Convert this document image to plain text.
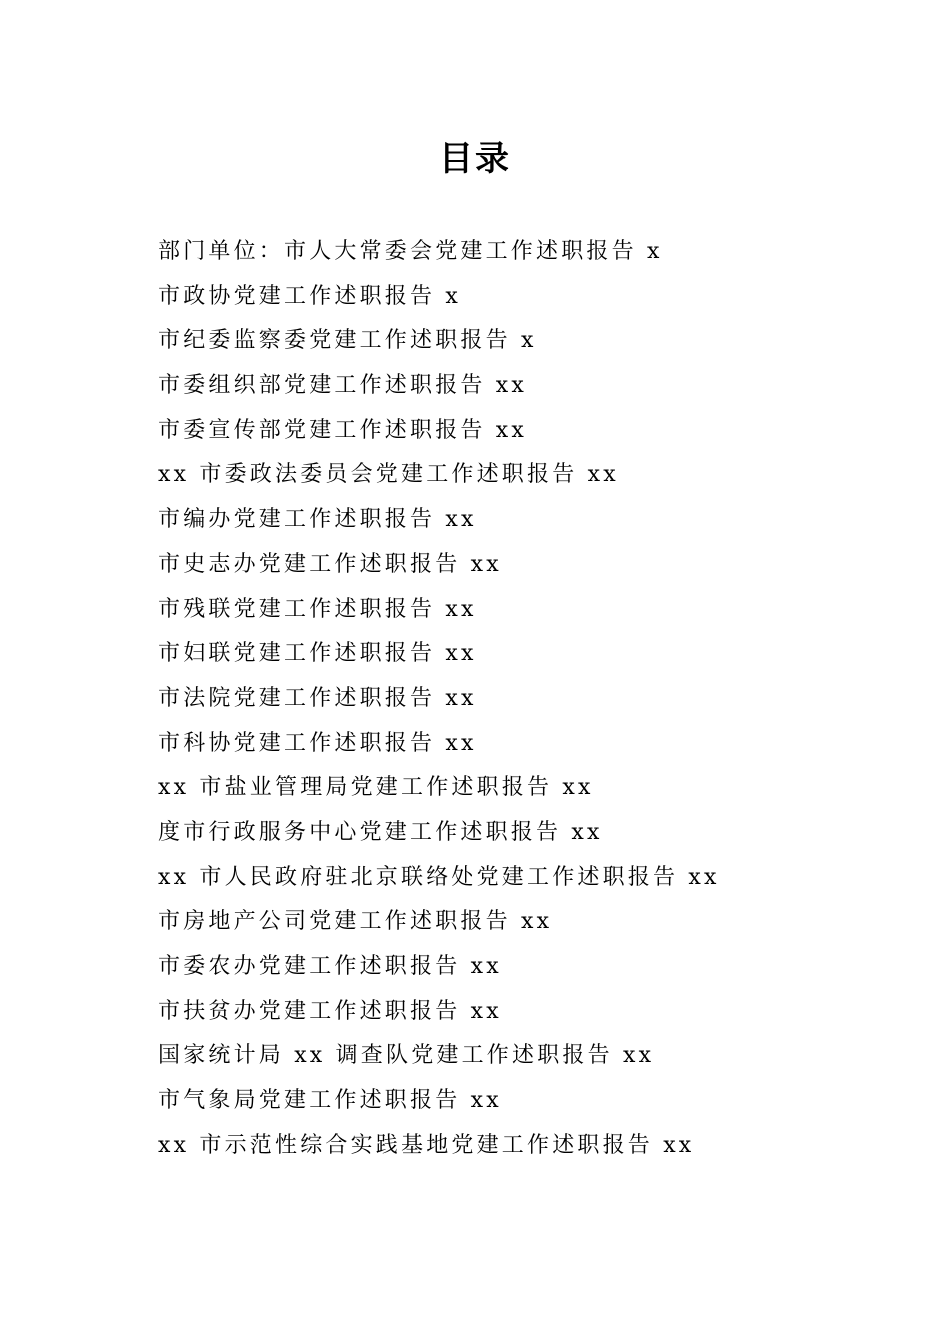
目录
部门单位：市人大常委会党建工作述职报告 x
市政协党建工作述职报告 x
市纪委监察委党建工作述职报告 x
市委组织部党建工作述职报告 xx
市委宣传部党建工作述职报告 xx
xx 市委政法委员会党建工作述职报告 xx
市编办党建工作述职报告 xx
市史志办党建工作述职报告 xx
市残联党建工作述职报告 xx
市妇联党建工作述职报告 xx
市法院党建工作述职报告 xx
市科协党建工作述职报告 xx
xx 市盐业管理局党建工作述职报告 xx
度市行政服务中心党建工作述职报告 xx
xx 市人民政府驻北京联络处党建工作述职报告 xx
市房地产公司党建工作述职报告 xx
市委农办党建工作述职报告 xx
市扶贫办党建工作述职报告 xx
国家统计局 xx 调查队党建工作述职报告 xx
市气象局党建工作述职报告 xx
xx 市示范性综合实践基地党建工作述职报告 xx
